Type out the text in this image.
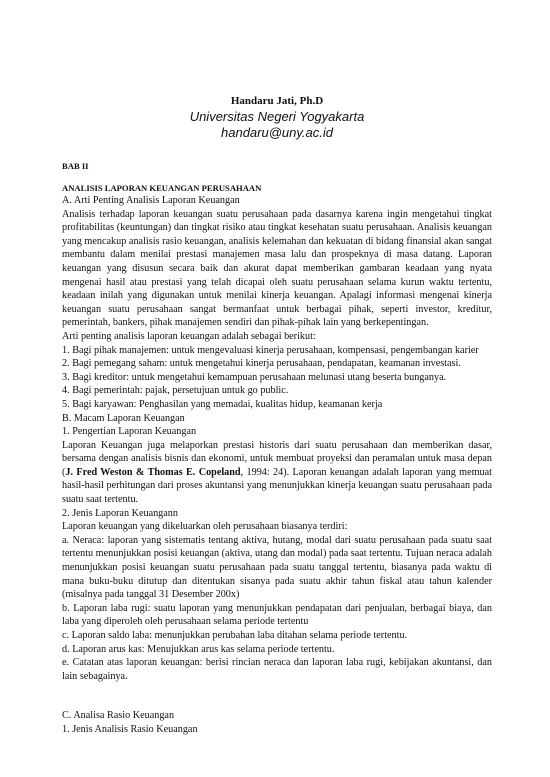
Handaru Jati, Ph.D
Universitas Negeri Yogyakarta
handaru@uny.ac.id
BAB II
ANALISIS LAPORAN KEUANGAN PERUSAHAAN

A. Arti Penting Analisis Laporan Keuangan

Analisis terhadap laporan keuangan suatu perusahaan pada dasarnya karena ingin mengetahui tingkat profitabilitas (keuntungan) dan tingkat risiko atau tingkat kesehatan suatu perusahaan. Analisis keuangan yang mencakup analisis rasio keuangan, analisis kelemahan dan kekuatan di bidang finansial akan sangat membantu dalam menilai prestasi manajemen masa lalu dan prospeknya di masa datang. Laporan keuangan yang disusun secara baik dan akurat dapat memberikan gambaran keadaan yang nyata mengenai hasil atau prestasi yang telah dicapai oleh suatu perusahaan selama kurun waktu tertentu, keadaan inilah yang digunakan untuk menilai kinerja keuangan. Apalagi informasi mengenai kinerja keuangan suatu perusahaan sangat bermanfaat untuk berbagai pihak, seperti investor, kreditur, pemerintah, bankers, pihak manajemen sendiri dan pihak-pihak lain yang berkepentingan.

Arti penting analisis laporan keuangan adalah sebagai berikut:

1. Bagi pihak manajemen: untuk mengevaluasi kinerja perusahaan, kompensasi, pengembangan karier

2. Bagi pemegang saham: untuk mengetahui kinerja perusahaan, pendapatan, keamanan investasi.

3. Bagi kreditor: untuk mengetahui kemampuan perusahaan melunasi utang beserta bunganya.

4. Bagi pemerintah: pajak, persetujuan untuk go public.

5. Bagi karyawan: Penghasilan yang memadai, kualitas hidup, keamanan kerja

B. Macam Laporan Keuangan

1. Pengertian Laporan Keuangan

Laporan Keuangan juga melaporkan prestasi historis dari suatu perusahaan dan memberikan dasar, bersama dengan analisis bisnis dan ekonomi, untuk membuat proyeksi dan peramalan untuk masa depan (J. Fred Weston & Thomas E. Copeland, 1994: 24). Laporan keuangan adalah laporan yang memuat hasil-hasil perhitungan dari proses akuntansi yang menunjukkan kinerja keuangan suatu perusahaan pada suatu saat tertentu.

2. Jenis Laporan Keuangann

Laporan keuangan yang dikeluarkan oleh perusahaan biasanya terdiri:

a. Neraca: laporan yang sistematis tentang aktiva, hutang, modal dari suatu perusahaan pada suatu saat tertentu menunjukkan posisi keuangan (aktiva, utang dan modal) pada saat tertentu. Tujuan neraca adalah menunjukkan posisi keuangan suatu perusahaan pada suatu tanggal tertentu, biasanya pada waktu di mana buku-buku ditutup dan ditentukan sisanya pada suatu akhir tahun fiskal atau tahun kalender (misalnya pada tanggal 31 Desember 200x)

b. Laporan laba rugi: suatu laporan yang menunjukkan pendapatan dari penjualan, berbagai biaya, dan laba yang diperoleh oleh perusahaan selama periode tertentu

c. Laporan saldo laba: menunjukkan perubahan laba ditahan selama periode tertentu.

d. Laporan arus kas: Menujukkan arus kas selama periode tertentu.

e. Catatan atas laporan keuangan: berisi rincian neraca dan laporan laba rugi, kebijakan akuntansi, dan lain sebagainya.

C. Analisa Rasio Keuangan

1. Jenis Analisis Rasio Keuangan
